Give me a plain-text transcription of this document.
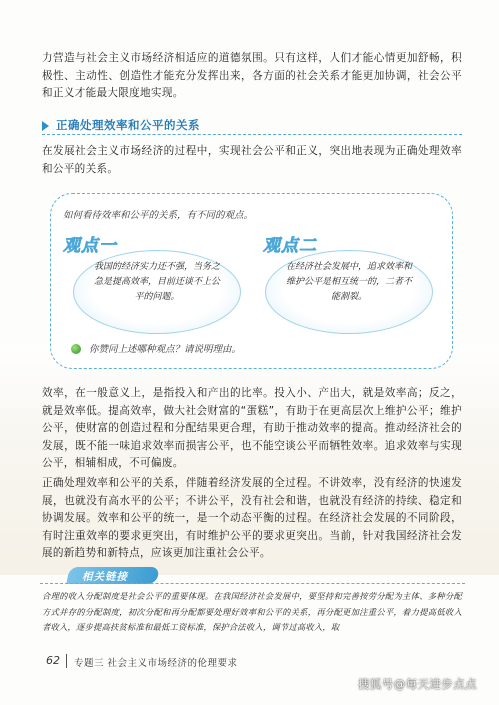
力营造与社会主义市场经济相适应的道德氛围。只有这样，人们才能心情更加舒畅，积极性、主动性、创造性才能充分发挥出来，各方面的社会关系才能更加协调，社会公平和正义才能最大限度地实现。

正确处理效率和公平的关系

在发展社会主义市场经济的过程中，实现社会公平和正义，突出地表现为正确处理效率和公平的关系。

如何看待效率和公平的关系，有不同的观点。
观点一	观点二
我国的经济实力还不强，当务之急是提高效率，目前还谈不上公平的问题。
在经济社会发展中，追求效率和维护公平是相互统一的，二者不能割裂。
你赞同上述哪种观点？请说明理由。

效率，在一般意义上，是指投入和产出的比率。投入小、产出大，就是效率高；反之，就是效率低。提高效率，做大社会财富的“蛋糕”，有助于在更高层次上维护公平；维护公平，使财富的创造过程和分配结果更合理，有助于推动效率的提高。推动经济社会的发展，既不能一味追求效率而损害公平，也不能空谈公平而牺牲效率。追求效率与实现公平，相辅相成，不可偏废。

正确处理效率和公平的关系，伴随着经济发展的全过程。不讲效率，没有经济的快速发展，也就没有高水平的公平；不讲公平，没有社会和谐，也就没有经济的持续、稳定和协调发展。效率和公平的统一，是一个动态平衡的过程。在经济社会发展的不同阶段，有时注重效率的要求更突出，有时维护公平的要求更突出。当前，针对我国经济社会发展的新趋势和新特点，应该更加注重社会公平。

相关链接

合理的收入分配制度是社会公平的重要体现。在我国经济社会发展中，要坚持和完善按劳分配为主体、多种分配方式并存的分配制度，初次分配和再分配都要处理好效率和公平的关系，再分配更加注重公平，着力提高低收入者收入，逐步提高扶贫标准和最低工资标准，保护合法收入，调节过高收入，取

62 专题三 社会主义市场经济的伦理要求
搜狐号@每天进步点点
